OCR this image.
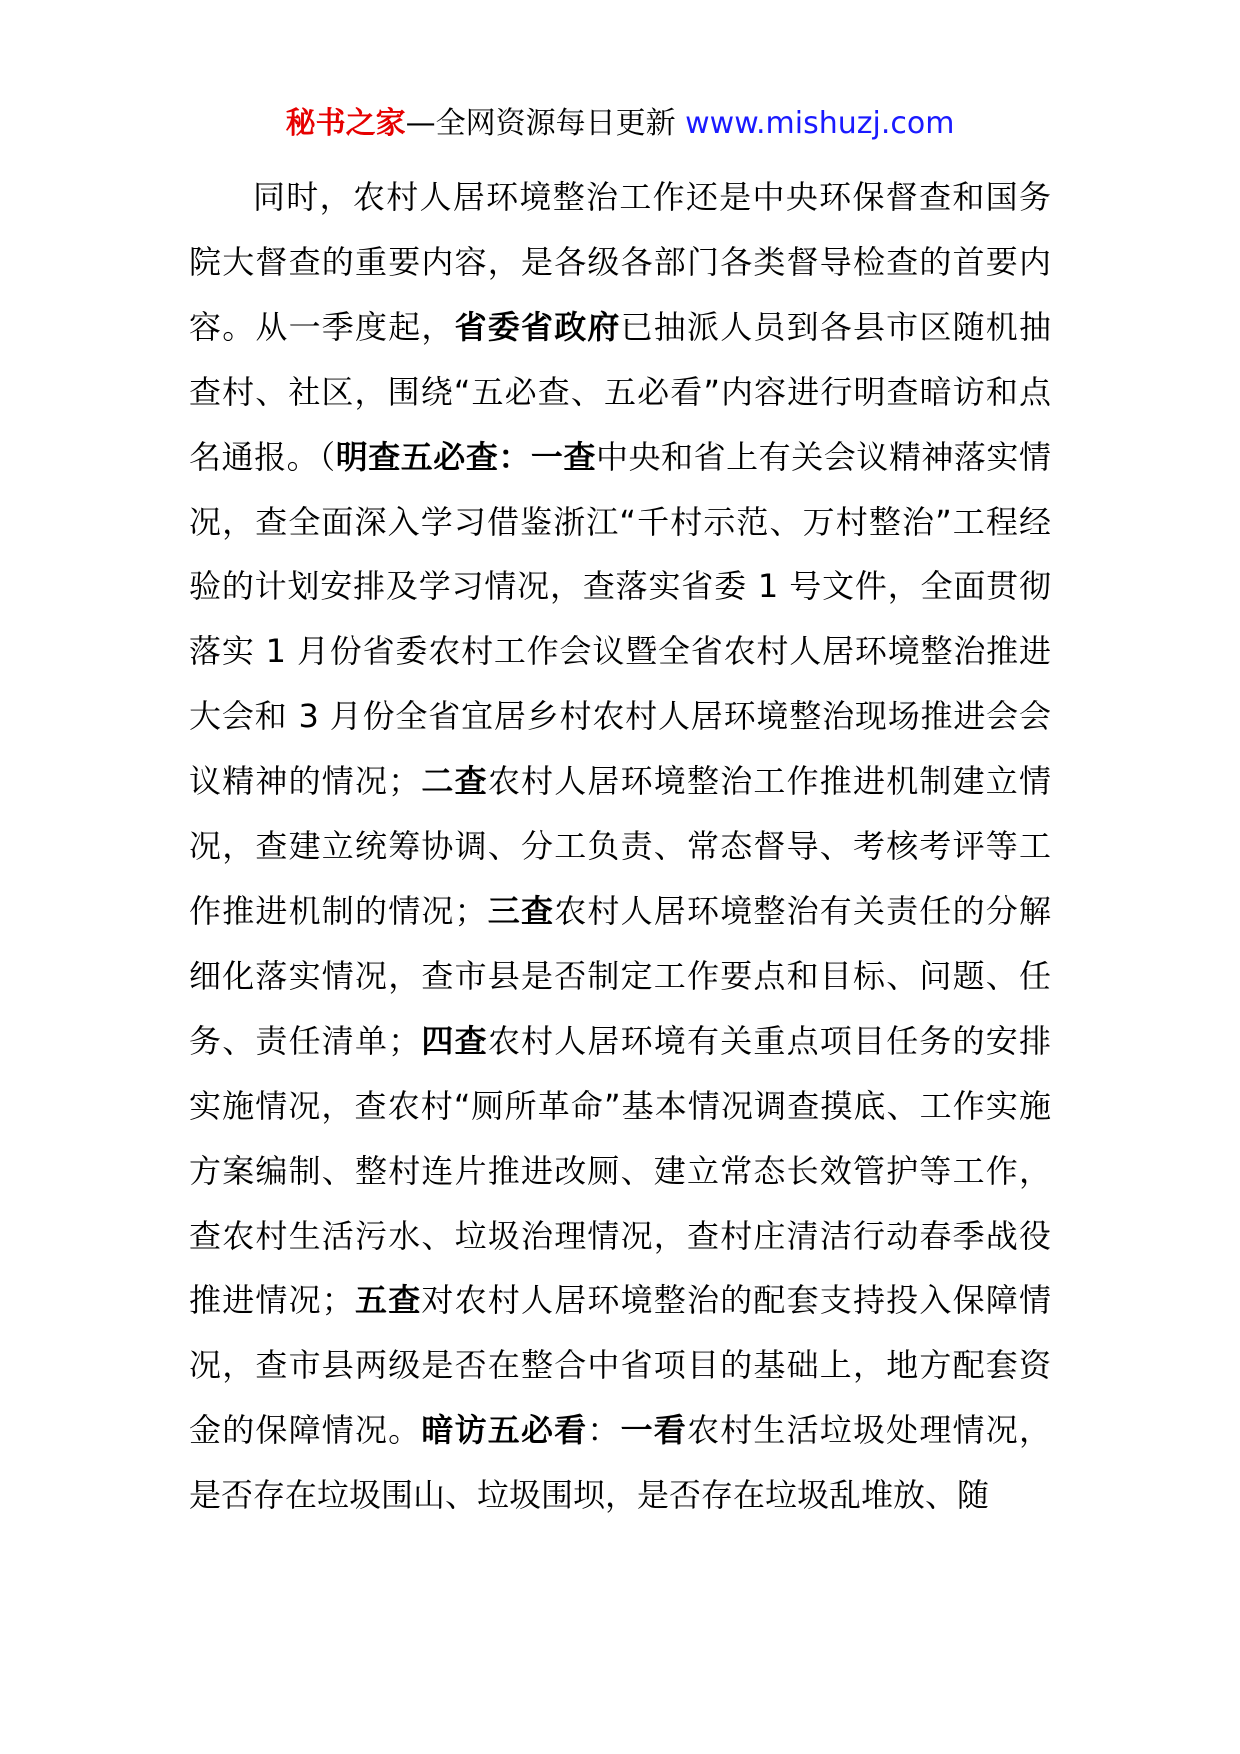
秘书之家—全网资源每日更新 www.mishuzj.com

同时，农村人居环境整治工作还是中央环保督查和国务院大督查的重要内容，是各级各部门各类督导检查的首要内容。从一季度起，省委省政府已抽派人员到各县市区随机抽查村、社区，围绕“五必查、五必看”内容进行明查暗访和点名通报。（明查五必查：一查中央和省上有关会议精神落实情况，查全面深入学习借鉴浙江“千村示范、万村整治”工程经验的计划安排及学习情况，查落实省委 1 号文件，全面贯彻落实 1 月份省委农村工作会议暨全省农村人居环境整治推进大会和 3 月份全省宜居乡村农村人居环境整治现场推进会会议精神的情况；二查农村人居环境整治工作推进机制建立情况，查建立统筹协调、分工负责、常态督导、考核考评等工作推进机制的情况；三查农村人居环境整治有关责任的分解细化落实情况，查市县是否制定工作要点和目标、问题、任务、责任清单；四查农村人居环境有关重点项目任务的安排实施情况，查农村“厕所革命”基本情况调查摸底、工作实施方案编制、整村连片推进改厕、建立常态长效管护等工作，查农村生活污水、垃圾治理情况，查村庄清洁行动春季战役推进情况；五查对农村人居环境整治的配套支持投入保障情况，查市县两级是否在整合中省项目的基础上，地方配套资金的保障情况。暗访五必看：一看农村生活垃圾处理情况，是否存在垃圾围山、垃圾围坝，是否存在垃圾乱堆放、随
